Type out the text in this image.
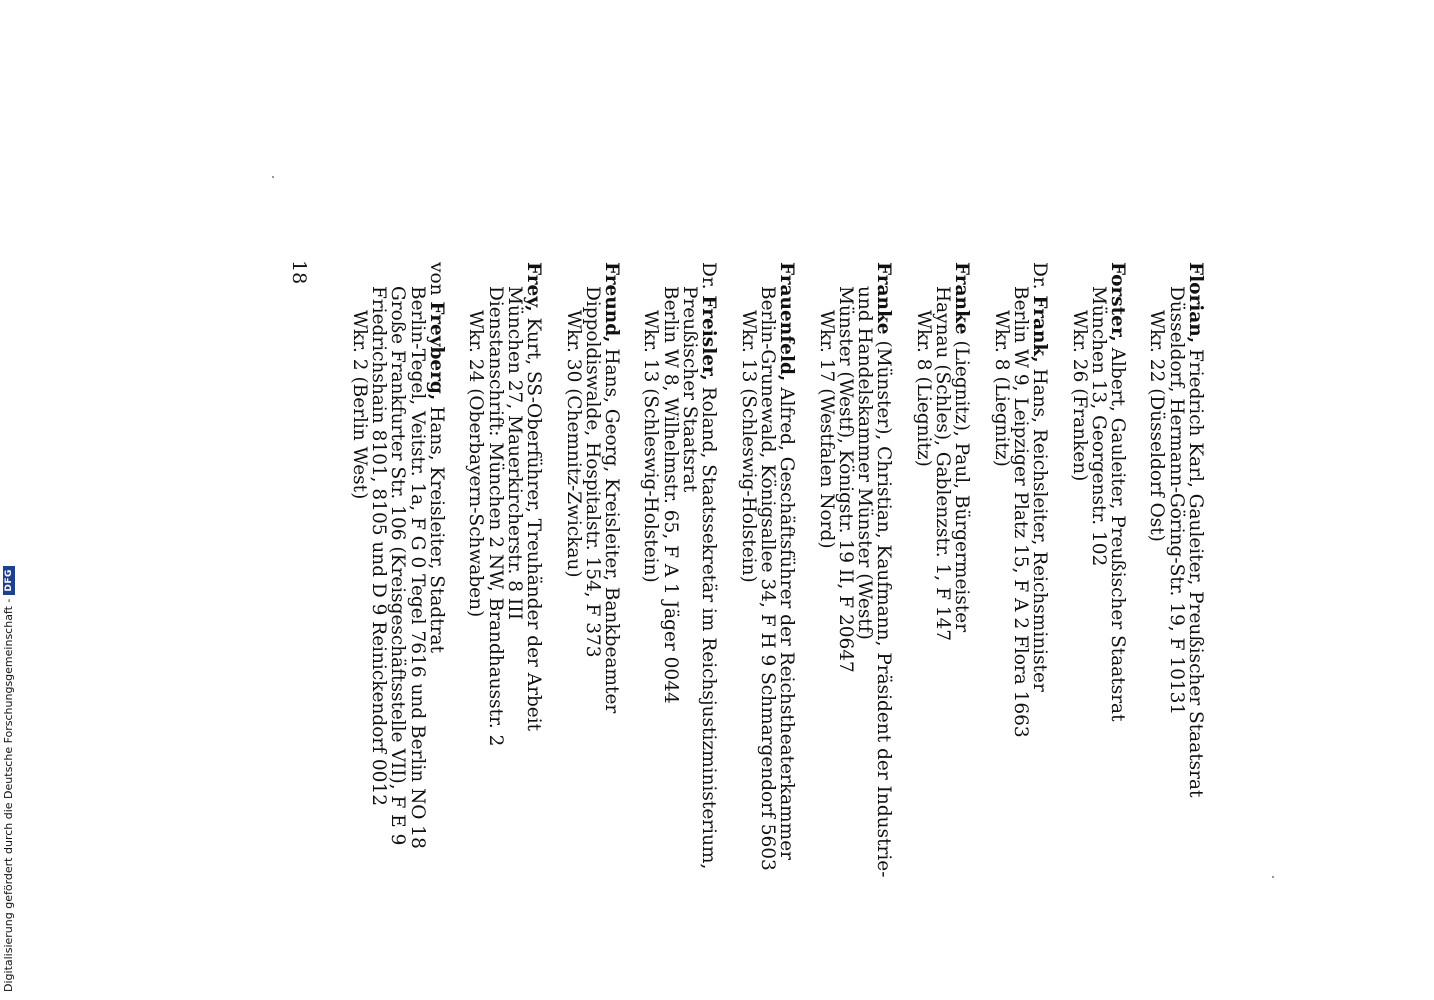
18	Florian, Friedrich Karl, Gauleiter, Preußischer Staatsrat
Düsseldorf, Hermann-Göring-Str. 19, F 10131
Wkr. 22 (Düsseldorf Ost)
Forster, Albert, Gauleiter, Preußischer Staatsrat
München 13, Georgenstr. 102
Wkr. 26 (Franken)
Dr. Frank, Hans, Reichsleiter, Reichsminister
Berlin W 9, Leipziger Platz 15, F A 2 Flora 1663
Wkr. 8 (Liegnitz)
Franke (Liegnitz), Paul, Bürgermeister
Haynau (Schles), Gablenzstr. 1, F 147
Wkr. 8 (Liegnitz)
Franke (Münster), Christian, Kaufmann, Präsident der Industrie-
und Handelskammer Münster (Westf)
Münster (Westf), Königstr. 19 II, F 20647
Wkr. 17 (Westfalen Nord)
Frauenfeld, Alfred, Geschäftsführer der Reichstheaterkammer
Berlin-Grunewald, Königsallee 34, F H 9 Schmargendorf 5603
Wkr. 13 (Schleswig-Holstein)
Dr. Freisler, Roland, Staatssekretär im Reichsjustizministerium,
Preußischer Staatsrat
Berlin W 8, Wilhelmstr. 65, F A 1 Jäger 0044
Wkr. 13 (Schleswig-Holstein)
Freund, Hans, Georg, Kreisleiter, Bankbeamter
Dippoldiswalde, Hospitalstr. 154, F 373
Wkr. 30 (Chemnitz-Zwickau)
Frey, Kurt, SS-Oberführer, Treuhänder der Arbeit
München 27, Mauerkircherstr. 8 III
Dienstanschrift: München 2 NW, Brandhausstr. 2
Wkr. 24 (Oberbayern-Schwaben)
von Freyberg, Hans, Kreisleiter, Stadtrat
Berlin-Tegel, Veitstr. 1a, F G 0 Tegel 7616 und Berlin NO 18
Große Frankfurter Str. 106 (Kreisgeschäftsstelle VII), F E 9
Friedrichshain 8101, 8105 und D 9 Reinickendorf 0012
Wkr. 2 (Berlin West)
Digitalisierung gefördert durch die Deutsche Forschungsgemeinschaft -
DFG
